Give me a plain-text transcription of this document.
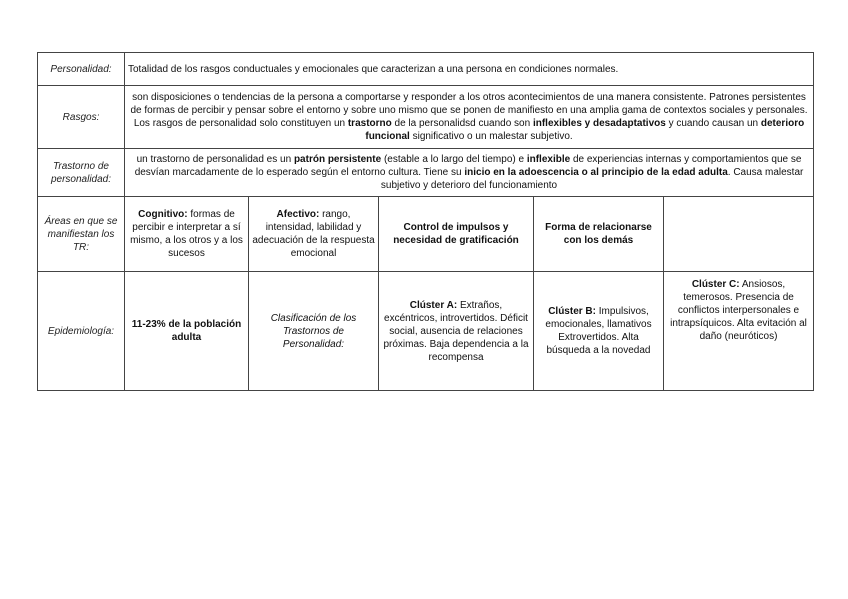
Personalidad:	Totalidad de los rasgos conductuales y emocionales que caracterizan a una persona en condiciones normales.				
Rasgos:	son disposiciones o tendencias de la persona a comportarse y responder a los otros acontecimientos de una manera consistente. Patrones persistentes de formas de percibir y pensar sobre el entorno y sobre uno mismo que se ponen de manifiesto en una amplia gama de contextos sociales y personales. Los rasgos de personalidad solo constituyen un trastorno de la personalidsd cuando son inflexibles y desadaptativos y cuando causan un deterioro funcional significativo o un malestar subjetivo.				
Trastorno de personalidad:	un trastorno de personalidad es un patrón persistente (estable a lo largo del tiempo) e inflexible de experiencias internas y comportamientos que se desvían marcadamente de lo esperado según el entorno cultura. Tiene su inicio en la adoescencia o al principio de la edad adulta. Causa malestar subjetivo y deterioro del funcionamiento				
Áreas en que se manifiestan los TR:	Cognitivo: formas de percibir e interpretar a sí mismo, a los otros y a los sucesos	Afectivo: rango, intensidad, labilidad y adecuación de la respuesta emocional	Control de impulsos y necesidad de gratificación	Forma de relacionarse con los demás	
Epidemiología:	11-23% de la población adulta	Clasificación de los Trastornos de Personalidad:	Clúster A: Extraños, excéntricos, introvertidos. Déficit social, ausencia de relaciones próximas. Baja dependencia a la recompensa	Clúster B: Impulsivos, emocionales, llamativos Extrovertidos. Alta búsqueda a la novedad	Clúster C: Ansiosos, temerosos. Presencia de conflictos interpersonales e intrapsíquicos. Alta evitación al daño (neuróticos)
